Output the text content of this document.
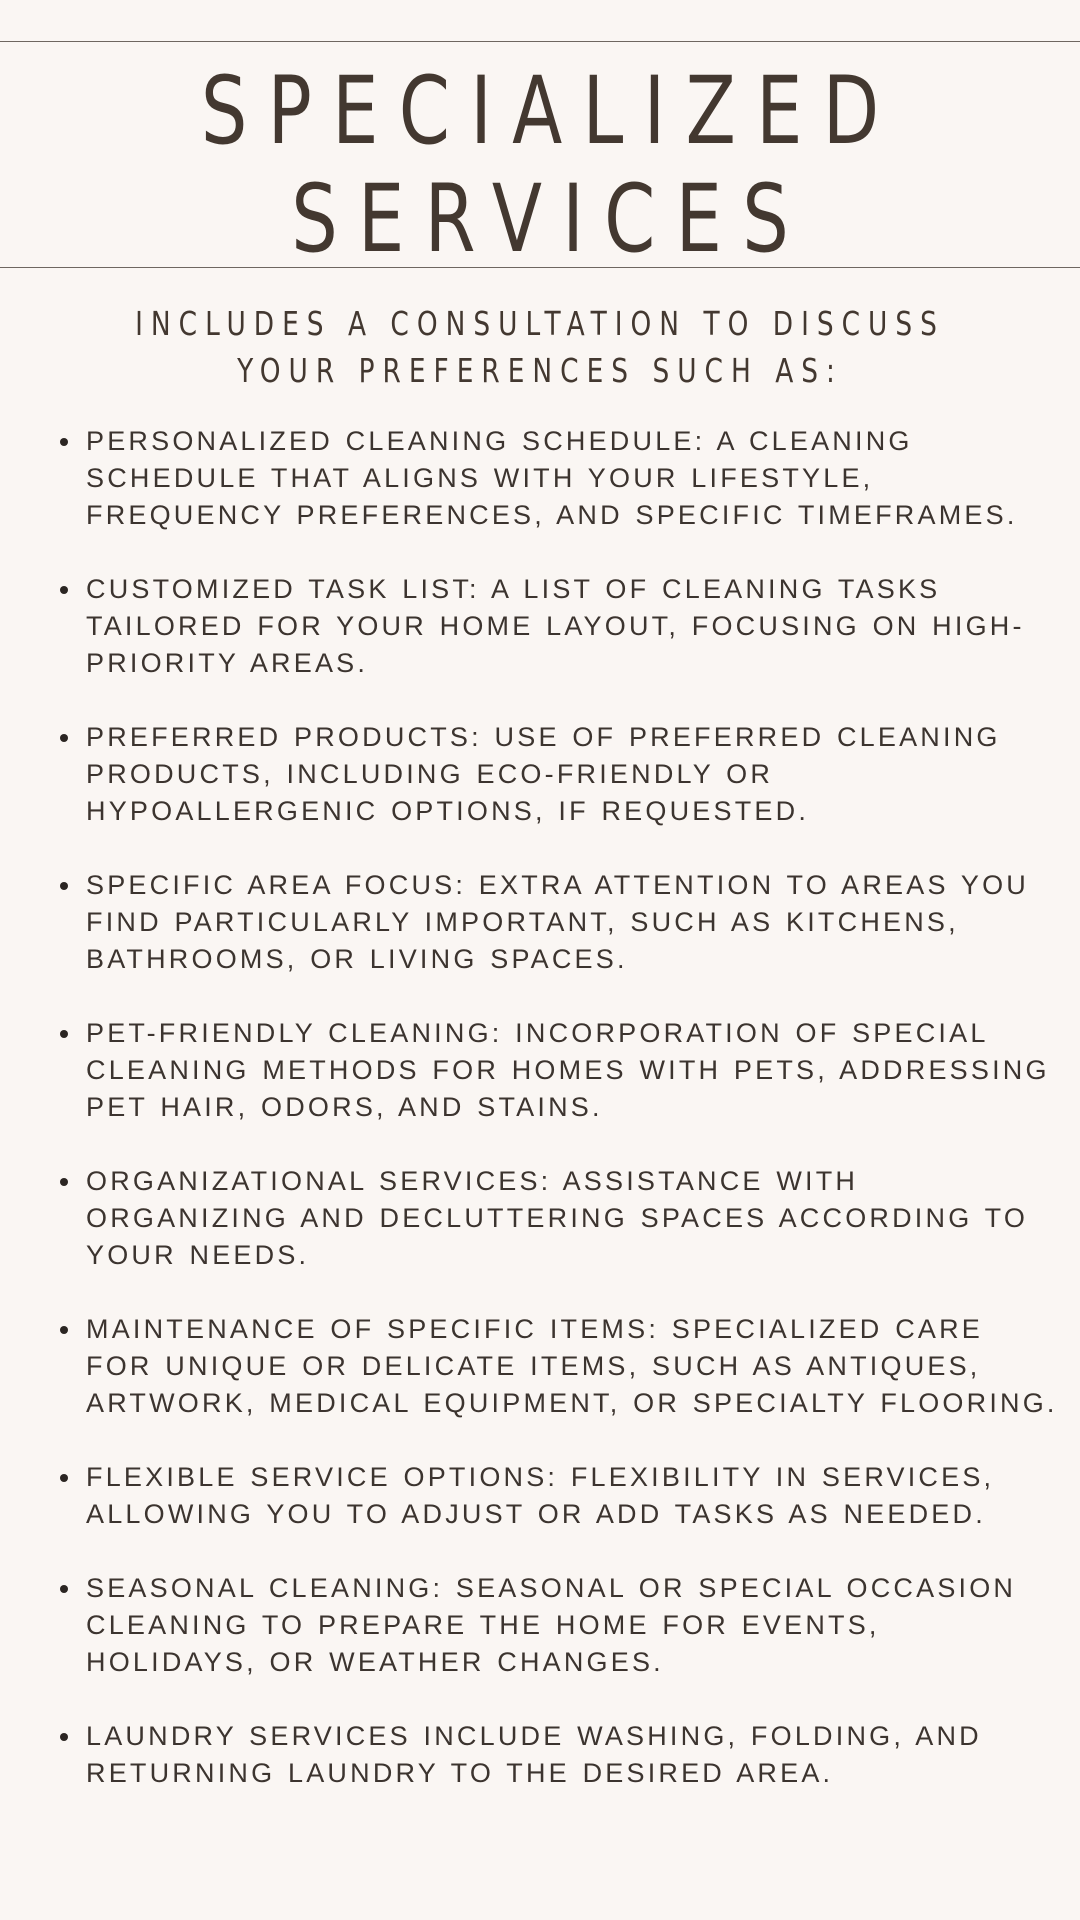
SPECIALIZED
SERVICES
INCLUDES A CONSULTATION TO DISCUSS
YOUR PREFERENCES SUCH AS:
PERSONALIZED CLEANING SCHEDULE: A CLEANING SCHEDULE THAT ALIGNS WITH YOUR LIFESTYLE, FREQUENCY PREFERENCES, AND SPECIFIC TIMEFRAMES.
CUSTOMIZED TASK LIST: A LIST OF CLEANING TASKS TAILORED FOR YOUR HOME LAYOUT, FOCUSING ON HIGH-PRIORITY AREAS.
PREFERRED PRODUCTS: USE OF PREFERRED CLEANING PRODUCTS, INCLUDING ECO-FRIENDLY OR HYPOALLERGENIC OPTIONS, IF REQUESTED.
SPECIFIC AREA FOCUS: EXTRA ATTENTION TO AREAS YOU FIND PARTICULARLY IMPORTANT, SUCH AS KITCHENS, BATHROOMS, OR LIVING SPACES.
PET-FRIENDLY CLEANING: INCORPORATION OF SPECIAL CLEANING METHODS FOR HOMES WITH PETS, ADDRESSING PET HAIR, ODORS, AND STAINS.
ORGANIZATIONAL SERVICES: ASSISTANCE WITH ORGANIZING AND DECLUTTERING SPACES ACCORDING TO YOUR NEEDS.
MAINTENANCE OF SPECIFIC ITEMS: SPECIALIZED CARE FOR UNIQUE OR DELICATE ITEMS, SUCH AS ANTIQUES, ARTWORK, MEDICAL EQUIPMENT, OR SPECIALTY FLOORING.
FLEXIBLE SERVICE OPTIONS: FLEXIBILITY IN SERVICES, ALLOWING YOU TO ADJUST OR ADD TASKS AS NEEDED.
SEASONAL CLEANING: SEASONAL OR SPECIAL OCCASION CLEANING TO PREPARE THE HOME FOR EVENTS, HOLIDAYS, OR WEATHER CHANGES.
LAUNDRY SERVICES INCLUDE WASHING, FOLDING, AND RETURNING LAUNDRY TO THE DESIRED AREA.
